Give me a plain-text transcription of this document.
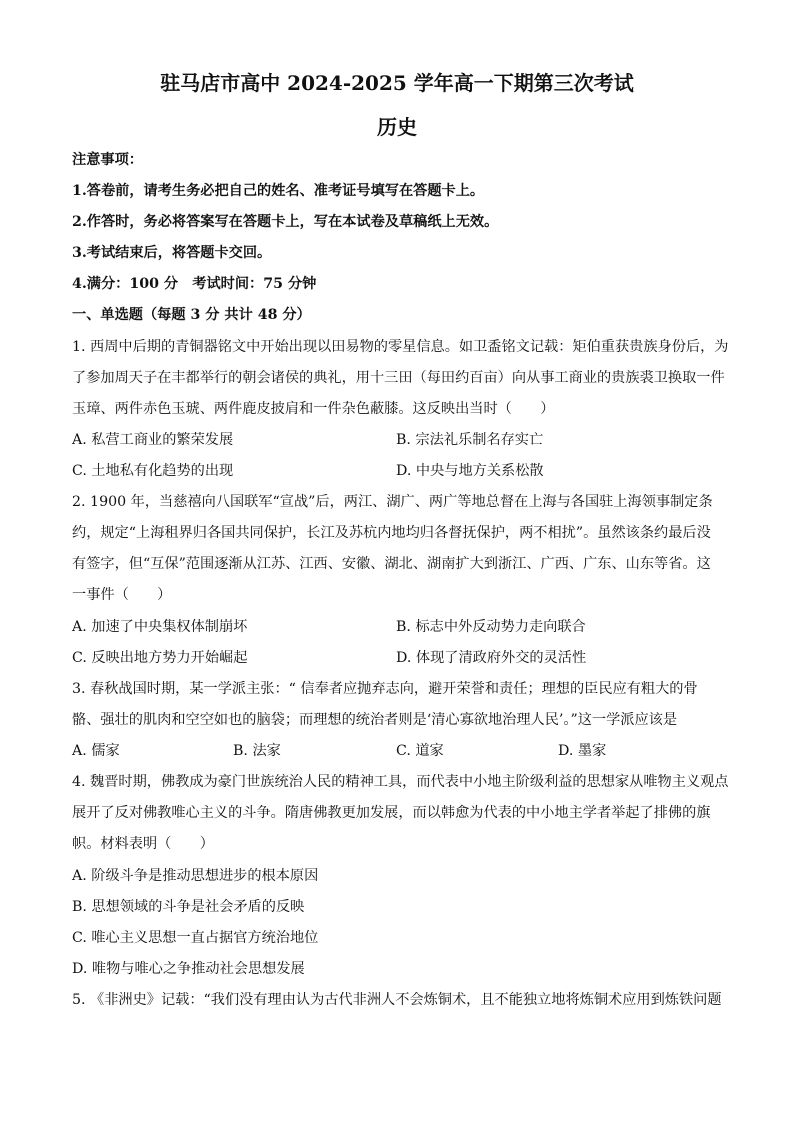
驻马店市高中 2024-2025 学年高一下期第三次考试
历史
注意事项：
1.答卷前，请考生务必把自己的姓名、准考证号填写在答题卡上。
2.作答时，务必将答案写在答题卡上，写在本试卷及草稿纸上无效。
3.考试结束后，将答题卡交回。
4.满分：100 分　考试时间：75 分钟
一、单选题（每题 3 分 共计 48 分）
1. 西周中后期的青铜器铭文中开始出现以田易物的零星信息。如卫盉铭文记载：矩伯重获贵族身份后，为
了参加周天子在丰都举行的朝会诸侯的典礼，用十三田（每田约百亩）向从事工商业的贵族裘卫换取一件
玉璋、两件赤色玉琥、两件鹿皮披肩和一件杂色蔽膝。这反映出当时（　　）
A. 私营工商业的繁荣发展	B. 宗法礼乐制名存实亡
C. 土地私有化趋势的出现	D. 中央与地方关系松散
2. 1900 年，当慈禧向八国联军“宣战”后，两江、湖广、两广等地总督在上海与各国驻上海领事制定条
约，规定“上海租界归各国共同保护，长江及苏杭内地均归各督抚保护，两不相扰”。虽然该条约最后没
有签字，但“互保”范围逐渐从江苏、江西、安徽、湖北、湖南扩大到浙江、广西、广东、山东等省。这
一事件（　　）
A. 加速了中央集权体制崩坏	B. 标志中外反动势力走向联合
C. 反映出地方势力开始崛起	D. 体现了清政府外交的灵活性
3. 春秋战国时期，某一学派主张：“ 信奉者应抛弃志向，避开荣誉和责任；理想的臣民应有粗大的骨
骼、强壮的肌肉和空空如也的脑袋；而理想的统治者则是‘清心寡欲地治理人民’。”这一学派应该是
A. 儒家	B. 法家	C. 道家	D. 墨家
4. 魏晋时期，佛教成为豪门世族统治人民的精神工具，而代表中小地主阶级利益的思想家从唯物主义观点
展开了反对佛教唯心主义的斗争。隋唐佛教更加发展，而以韩愈为代表的中小地主学者举起了排佛的旗
帜。材料表明（　　）
A. 阶级斗争是推动思想进步的根本原因
B. 思想领域的斗争是社会矛盾的反映
C. 唯心主义思想一直占据官方统治地位
D. 唯物与唯心之争推动社会思想发展
5. 《非洲史》记载：“我们没有理由认为古代非洲人不会炼铜术，且不能独立地将炼铜术应用到炼铁问题
